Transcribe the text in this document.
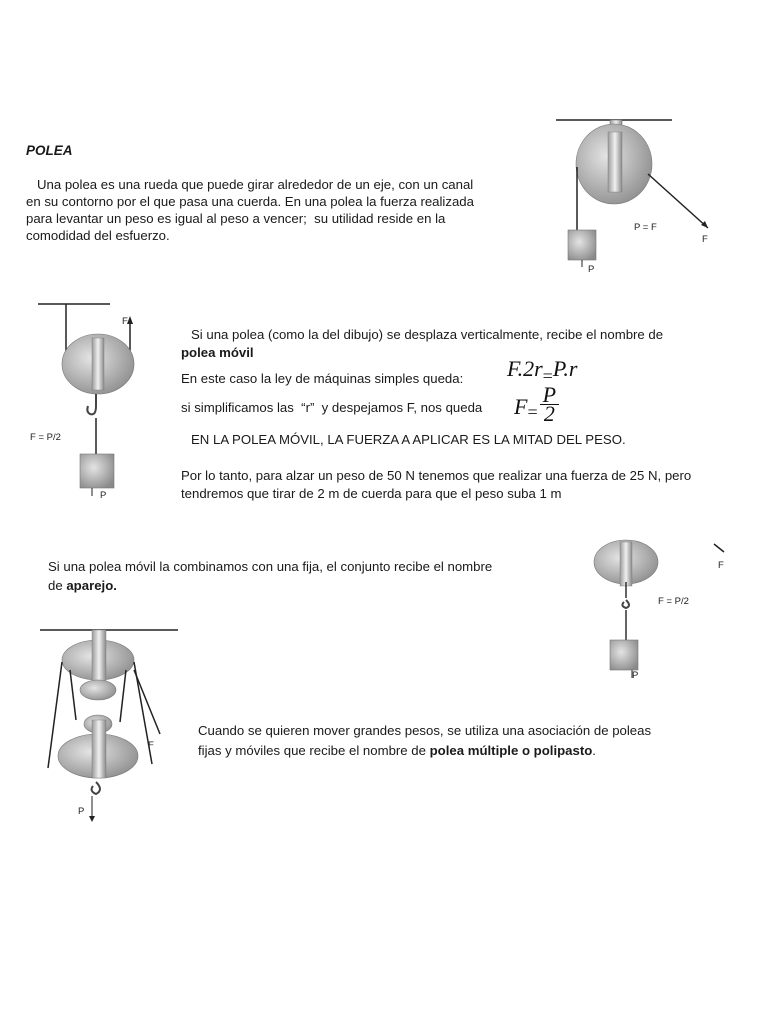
POLEA
Una polea es una rueda que puede girar alrededor de un eje, con un canal
en su contorno por el que pasa una cuerda. En una polea la fuerza realizada
para levantar un peso es igual al peso a vencer;  su utilidad reside en la
comodidad del esfuerzo.
P = F
F
P
F
F = P/2
P
Si una polea (como la del dibujo) se desplaza verticalmente, recibe el nombre de
polea móvil
En este caso la ley de máquinas simples queda: $F.2r_=P.r$
si simplificamos las  “r”  y despejamos F, nos queda $F_= \frac{P}{2}$
EN LA POLEA MÓVIL, LA FUERZA A APLICAR ES LA MITAD DEL PESO.
Por lo tanto, para alzar un peso de 50 N tenemos que realizar una fuerza de 25 N, pero
tendremos que tirar de 2 m de cuerda para que el peso suba 1 m
Si una polea móvil la combinamos con una fija, el conjunto recibe el nombre
de aparejo.
F
F = P/2
P
F
P
Cuando se quieren mover grandes pesos, se utiliza una asociación de poleas
fijas y móviles que recibe el nombre de polea múltiple o polipasto.
